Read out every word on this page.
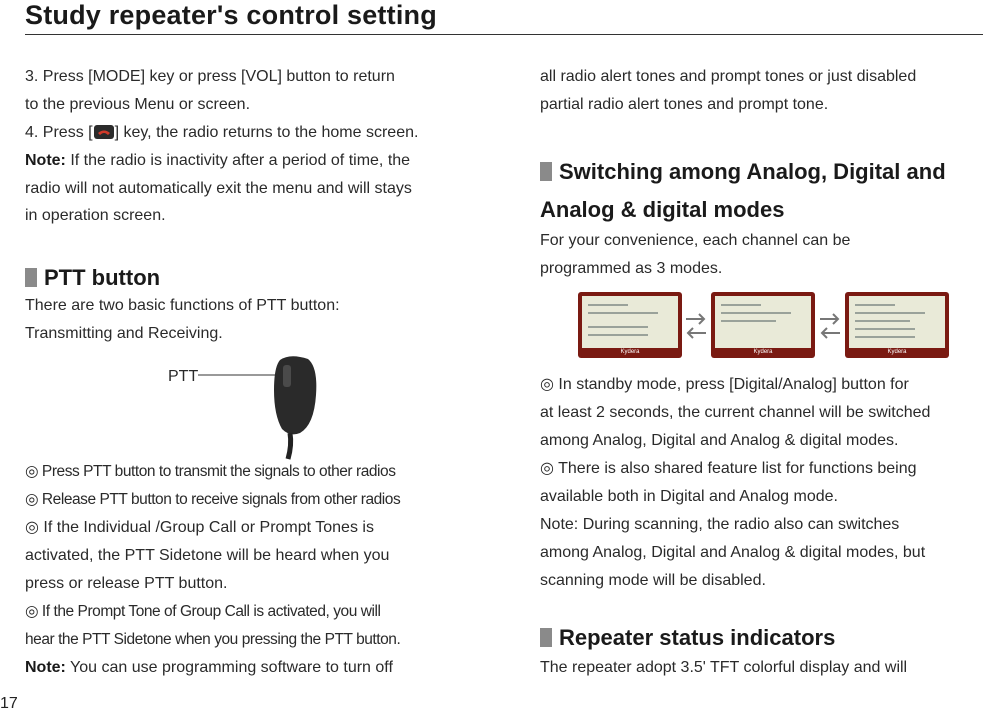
Study repeater's control setting
3. Press [MODE] key or press [VOL] button to return
to the previous Menu or screen.
4. Press [ ] key, the radio returns to the home screen.
Note: If the radio is inactivity after a period of time, the
radio will not automatically exit the menu and will stays
in operation screen.
PTT button
There are two basic functions of PTT button:
Transmitting and Receiving.
PTT
◎ Press PTT button to transmit the signals to other radios
◎ Release PTT button to receive signals from other radios
◎ If the Individual /Group Call or Prompt Tones is
activated, the PTT Sidetone will be heard when you
press or release PTT button.
◎ If the Prompt Tone of Group Call is activated, you will
hear the PTT Sidetone when you pressing the PTT button.
Note: You can use programming software to turn off
all radio alert tones and prompt tones or just disabled
partial radio alert tones and prompt tone.
Switching among Analog, Digital and
Analog & digital modes
For your convenience, each channel can be
programmed as 3 modes.
Kydera	Kydera	Kydera
◎ In standby mode, press [Digital/Analog] button for
at least 2 seconds, the current channel will be switched
among Analog, Digital and Analog & digital modes.
◎ There is also shared feature list for functions being
available both in Digital and Analog mode.
Note: During scanning, the radio also can switches
among Analog, Digital and Analog & digital modes, but
scanning mode will be disabled.
Repeater status indicators
The repeater adopt 3.5' TFT colorful display and will
17
